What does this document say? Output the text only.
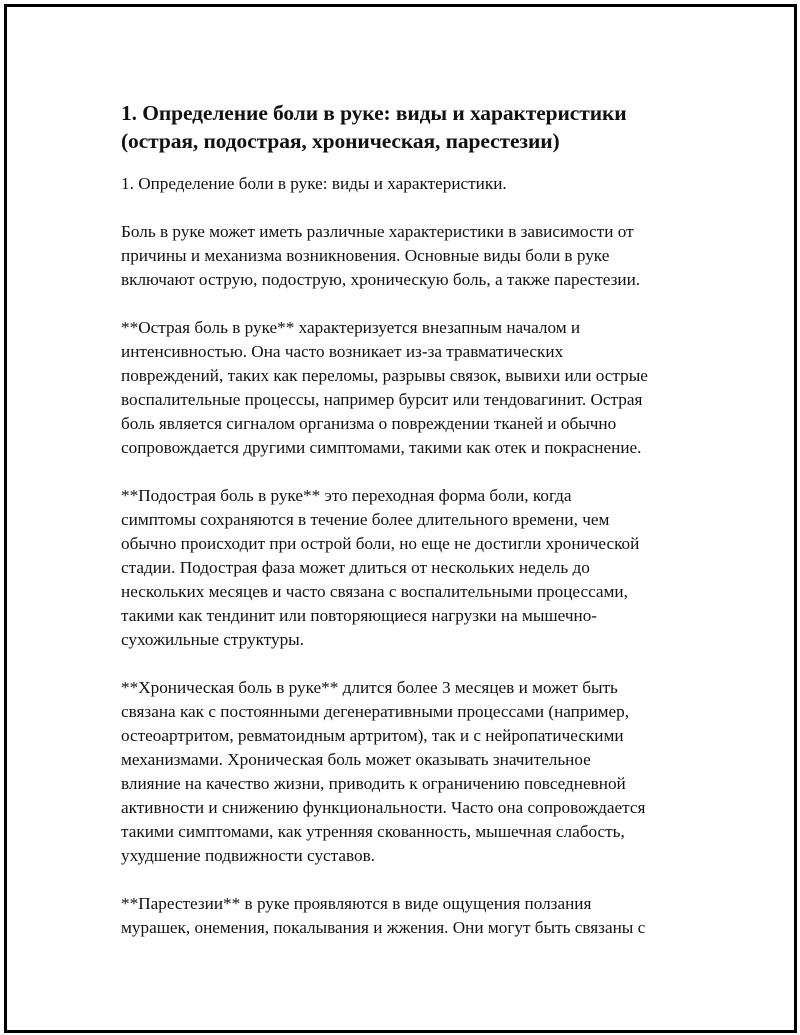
1. Определение боли в руке: виды и характеристики
(острая, подострая, хроническая, парестезии)

1. Определение боли в руке: виды и характеристики.

Боль в руке может иметь различные характеристики в зависимости от
причины и механизма возникновения. Основные виды боли в руке
включают острую, подострую, хроническую боль, а также парестезии.

**Острая боль в руке** характеризуется внезапным началом и
интенсивностью. Она часто возникает из-за травматических
повреждений, таких как переломы, разрывы связок, вывихи или острые
воспалительные процессы, например бурсит или тендовагинит. Острая
боль является сигналом организма о повреждении тканей и обычно
сопровождается другими симптомами, такими как отек и покраснение.

**Подострая боль в руке** это переходная форма боли, когда
симптомы сохраняются в течение более длительного времени, чем
обычно происходит при острой боли, но еще не достигли хронической
стадии. Подострая фаза может длиться от нескольких недель до
нескольких месяцев и часто связана с воспалительными процессами,
такими как тендинит или повторяющиеся нагрузки на мышечно-
сухожильные структуры.

**Хроническая боль в руке** длится более 3 месяцев и может быть
связана как с постоянными дегенеративными процессами (например,
остеоартритом, ревматоидным артритом), так и с нейропатическими
механизмами. Хроническая боль может оказывать значительное
влияние на качество жизни, приводить к ограничению повседневной
активности и снижению функциональности. Часто она сопровождается
такими симптомами, как утренняя скованность, мышечная слабость,
ухудшение подвижности суставов.

**Парестезии** в руке проявляются в виде ощущения ползания
мурашек, онемения, покалывания и жжения. Они могут быть связаны с
